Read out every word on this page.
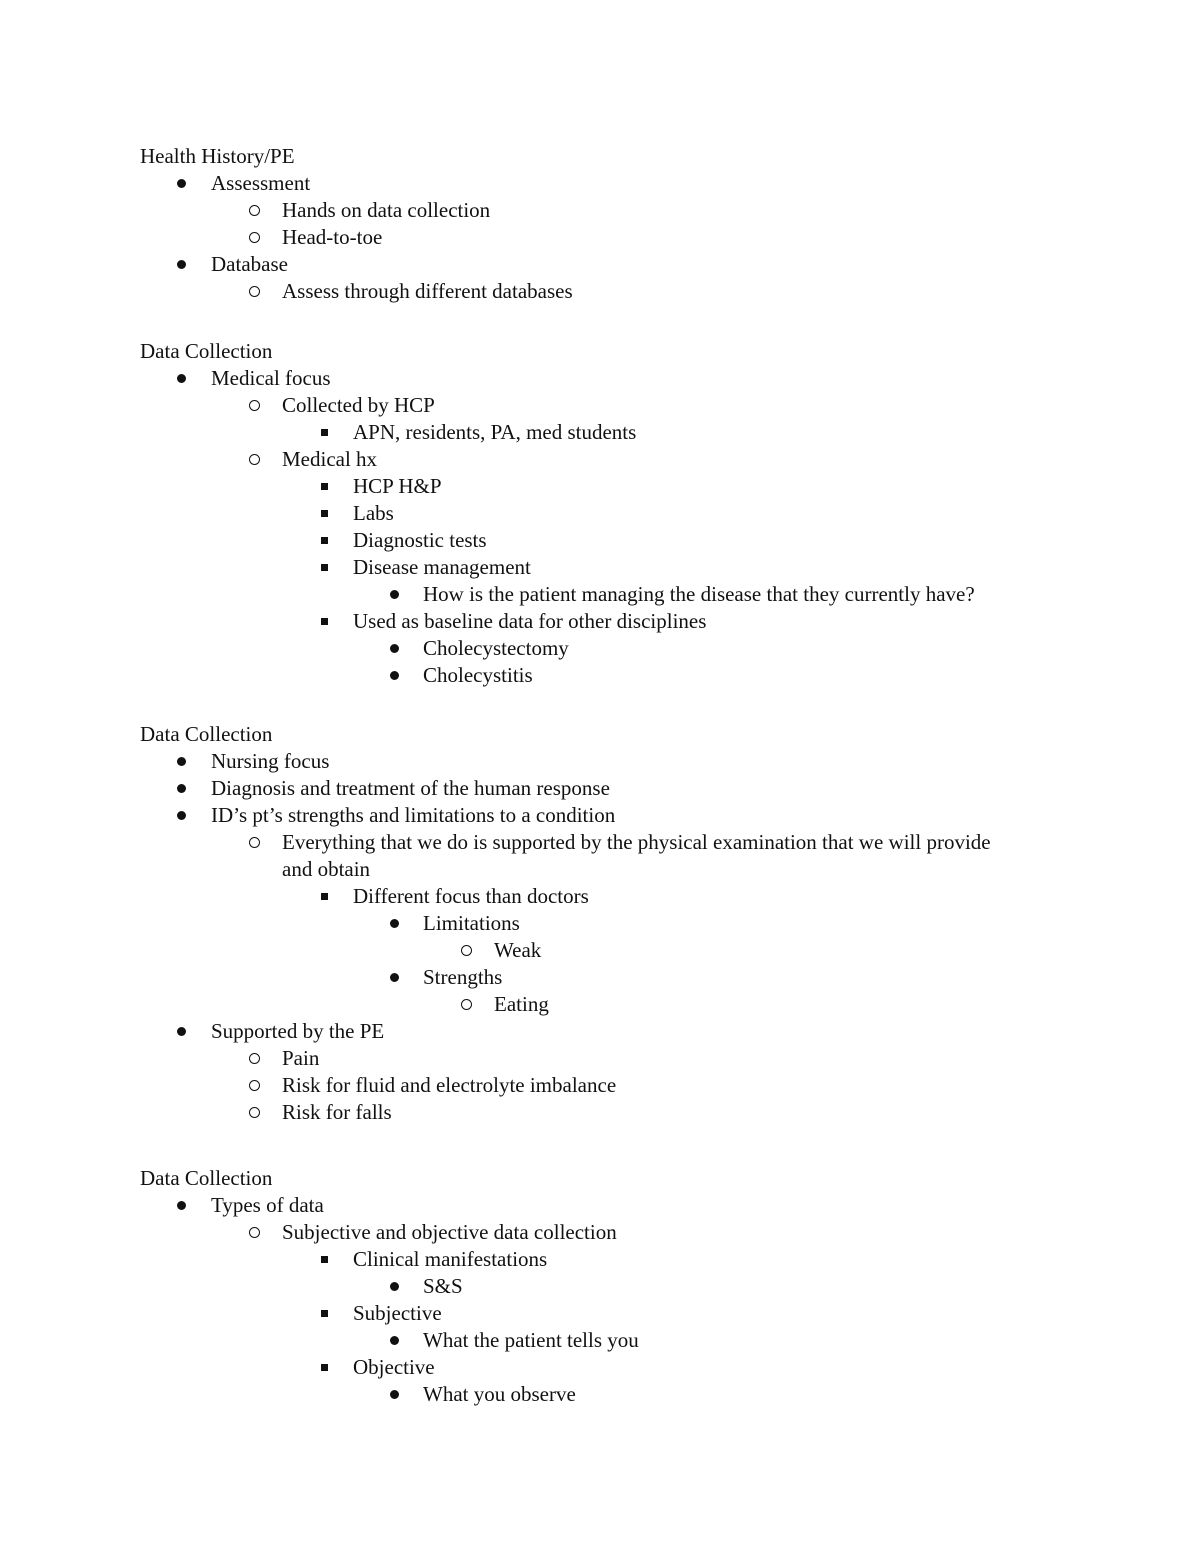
Health History/PE
Assessment
Hands on data collection
Head-to-toe
Database
Assess through different databases
Data Collection
Medical focus
Collected by HCP
APN, residents, PA, med students
Medical hx
HCP H&P
Labs
Diagnostic tests
Disease management
How is the patient managing the disease that they currently have?
Used as baseline data for other disciplines
Cholecystectomy
Cholecystitis
Data Collection
Nursing focus
Diagnosis and treatment of the human response
ID’s pt’s strengths and limitations to a condition
Everything that we do is supported by the physical examination that we will provide and obtain
Different focus than doctors
Limitations
Weak
Strengths
Eating
Supported by the PE
Pain
Risk for fluid and electrolyte imbalance
Risk for falls
Data Collection
Types of data
Subjective and objective data collection
Clinical manifestations
S&S
Subjective
What the patient tells you
Objective
What you observe
